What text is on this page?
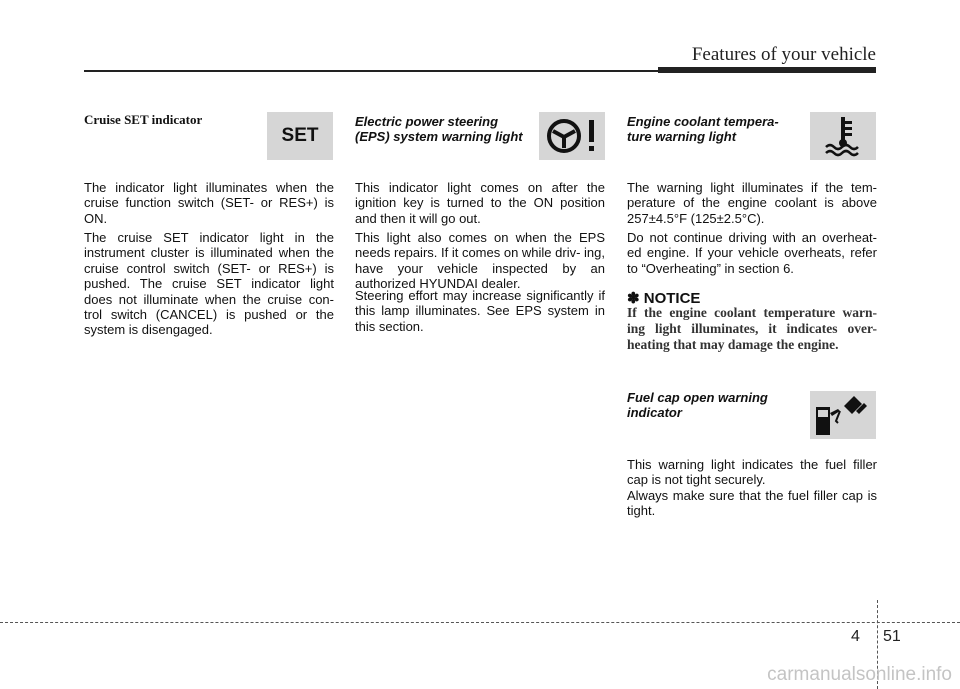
Features of your vehicle
Cruise SET indicator
SET

The indicator light illuminates when the cruise function switch (SET- or RES+) is ON.

The cruise SET indicator light in the instrument cluster is illuminated when the cruise control switch (SET- or RES+) is pushed. The cruise SET indicator light does not illuminate when the cruise con- trol switch (CANCEL) is pushed or the system is disengaged.

Electric power steering
(EPS) system warning light

This indicator light comes on after the ignition key is turned to the ON position and then it will go out.

This light also comes on when the EPS needs repairs. If it comes on while driv- ing, have your vehicle inspected by an authorized HYUNDAI dealer.

Steering effort may increase significantly if this lamp illuminates. See EPS system in this section.

Engine coolant tempera-
ture warning light

The warning light illuminates if the tem- perature of the engine coolant is above 257±4.5°F (125±2.5°C).

Do not continue driving with an overheat- ed engine. If your vehicle overheats, refer to “Overheating” in section 6.

✽ NOTICE

If the engine coolant temperature warn- ing light illuminates, it indicates over- heating that may damage the engine.

Fuel cap open warning
indicator

This warning light indicates the fuel filler cap is not tight securely.

Always make sure that the fuel filler cap is tight.

4 51
carmanualsonline.info
